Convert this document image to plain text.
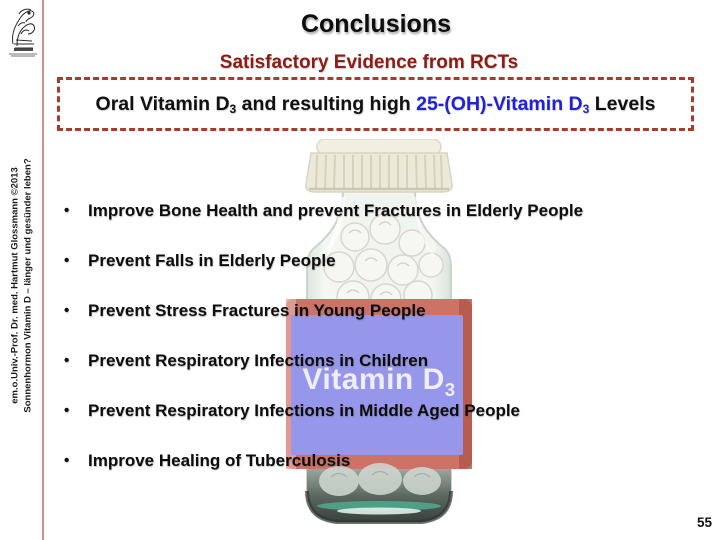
em.o.Univ.-Prof. Dr. med. Hartmut Glossmann ©2013 Sonnenhormon Vitamin D – länger und gesünder leben?
Conclusions
Satisfactory Evidence from RCTs
Oral Vitamin D3 and resulting high 25-(OH)-Vitamin D3 Levels
Vitamin $D_3$
•	Improve Bone Health and prevent Fractures in Elderly People
•	Prevent Falls in Elderly People
•	Prevent Stress Fractures in Young People
•	Prevent Respiratory Infections in Children
•	Prevent Respiratory Infections in Middle Aged People
•	Improve Healing of Tuberculosis
55
